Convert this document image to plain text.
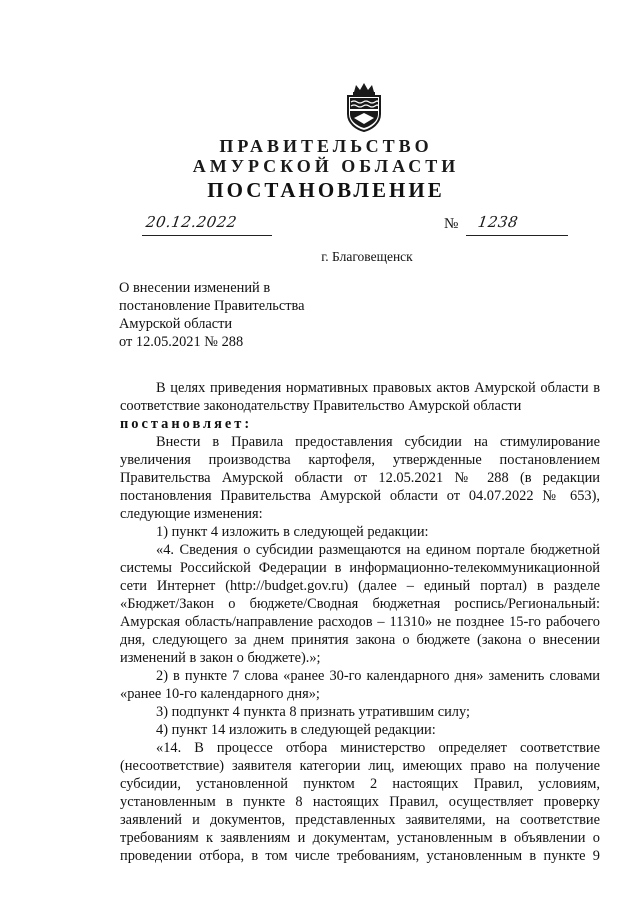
ПРАВИТЕЛЬСТВО
АМУРСКОЙ ОБЛАСТИ
ПОСТАНОВЛЕНИЕ
20.12.2022	№ 1238
г. Благовещенск
О внесении изменений в
постановление Правительства
Амурской области
от 12.05.2021 № 288
В целях приведения нормативных правовых актов Амурской области в
соответствие законодательству Правительство Амурской области
постановляет:
Внести в Правила предоставления субсидии на стимулирование
увеличения производства картофеля, утвержденные постановлением
Правительства Амурской области от 12.05.2021 № 288 (в редакции
постановления Правительства Амурской области от 04.07.2022 № 653),
следующие изменения:
1) пункт 4 изложить в следующей редакции:
«4. Сведения о субсидии размещаются на едином портале бюджетной
системы Российской Федерации в информационно-телекоммуникационной
сети Интернет (http://budget.gov.ru) (далее – единый портал) в разделе
«Бюджет/Закон о бюджете/Сводная бюджетная роспись/Региональный:
Амурская область/направление расходов – 11310» не позднее 15-го рабочего
дня, следующего за днем принятия закона о бюджете (закона о внесении
изменений в закон о бюджете).»;
2) в пункте 7 слова «ранее 30-го календарного дня» заменить словами
«ранее 10-го календарного дня»;
3) подпункт 4 пункта 8 признать утратившим силу;
4) пункт 14 изложить в следующей редакции:
«14. В процессе отбора министерство определяет соответствие
(несоответствие) заявителя категории лиц, имеющих право на получение
субсидии, установленной пунктом 2 настоящих Правил, условиям,
установленным в пункте 8 настоящих Правил, осуществляет проверку
заявлений и документов, представленных заявителями, на соответствие
требованиям к заявлениям и документам, установленным в объявлении о
проведении отбора, в том числе требованиям, установленным в пункте 9
